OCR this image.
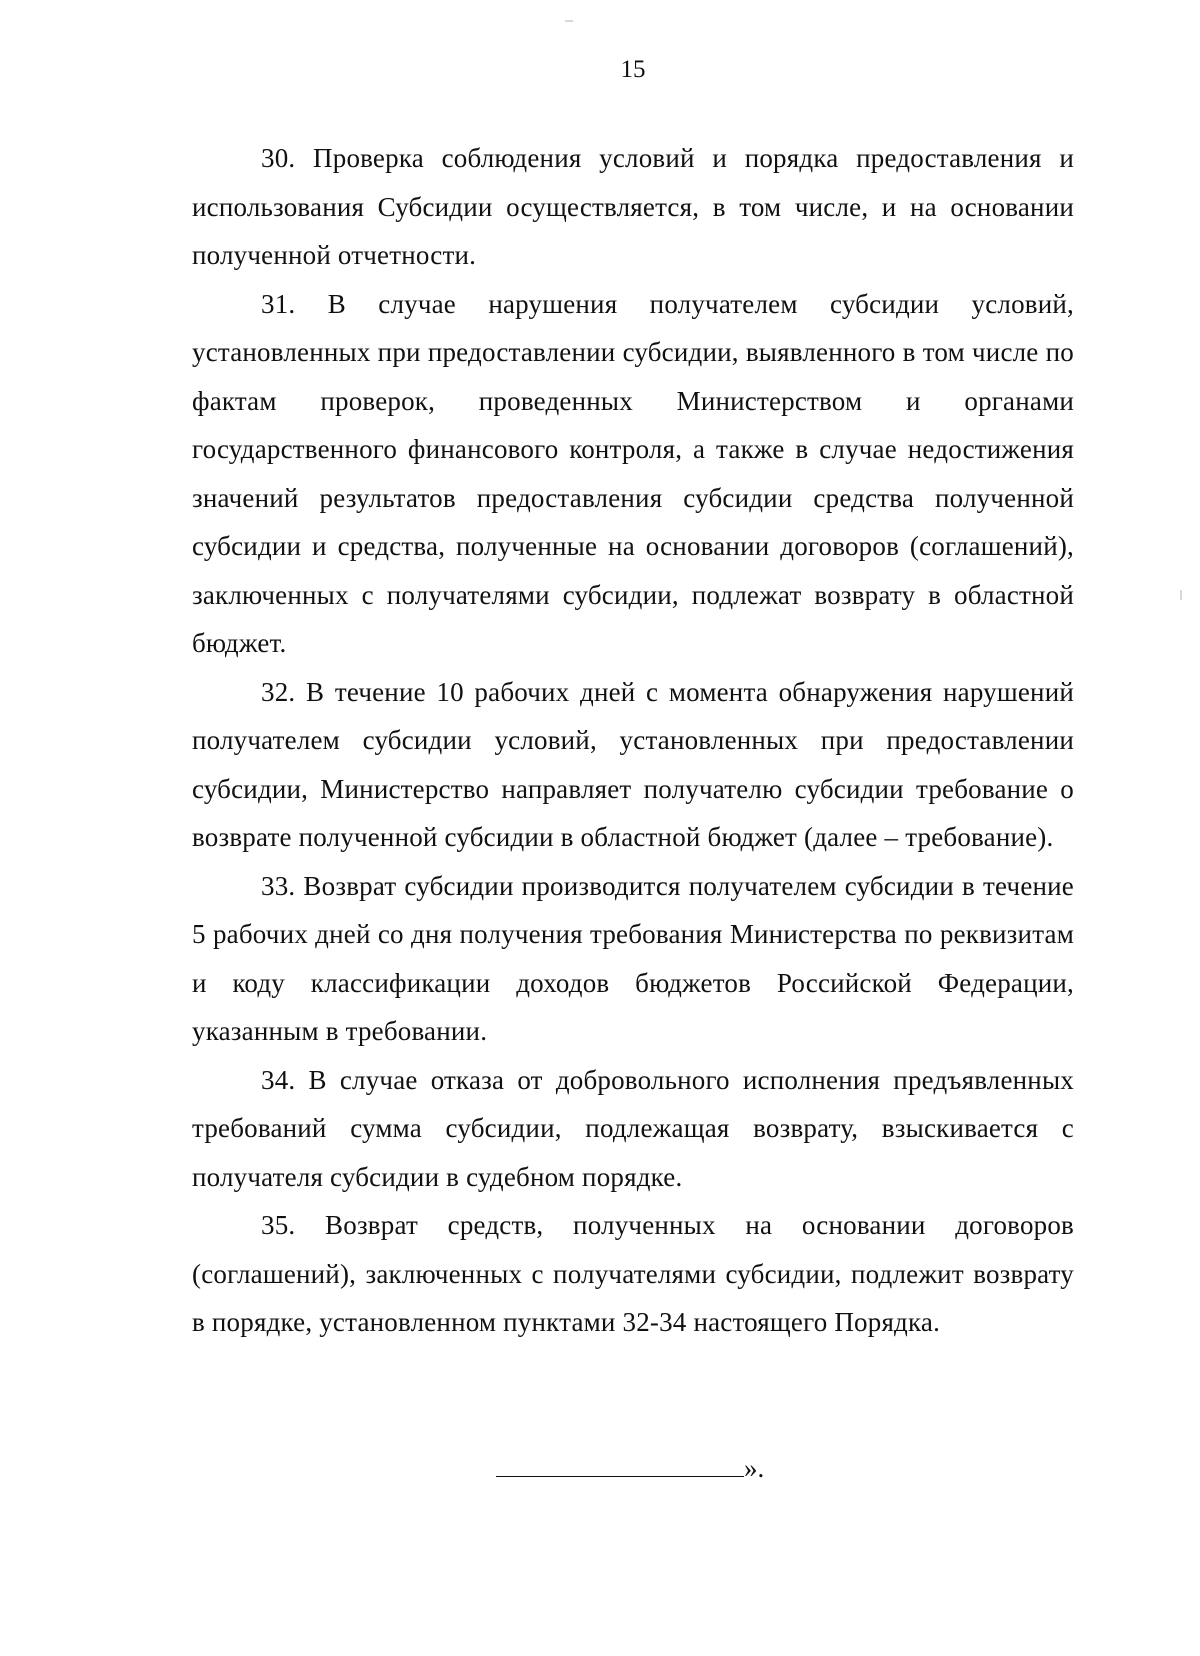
15

30. Проверка соблюдения условий и порядка предоставления и использования Субсидии осуществляется, в том числе, и на основании полученной отчетности.

31. В случае нарушения получателем субсидии условий, установленных при предоставлении субсидии, выявленного в том числе по фактам проверок, проведенных Министерством и органами государственного финансового контроля, а также в случае недостижения значений результатов предоставления субсидии средства полученной субсидии и средства, полученные на основании договоров (соглашений), заключенных с получателями субсидии, подлежат возврату в областной бюджет.

32. В течение 10 рабочих дней с момента обнаружения нарушений получателем субсидии условий, установленных при предоставлении субсидии, Министерство направляет получателю субсидии требование о возврате полученной субсидии в областной бюджет (далее – требование).

33. Возврат субсидии производится получателем субсидии в течение 5 рабочих дней со дня получения требования Министерства по реквизитам и коду классификации доходов бюджетов Российской Федерации, указанным в требовании.

34. В случае отказа от добровольного исполнения предъявленных требований сумма субсидии, подлежащая возврату, взыскивается с получателя субсидии в судебном порядке.

35. Возврат средств, полученных на основании договоров (соглашений), заключенных с получателями субсидии, подлежит возврату в порядке, установленном пунктами 32-34 настоящего Порядка.

».
